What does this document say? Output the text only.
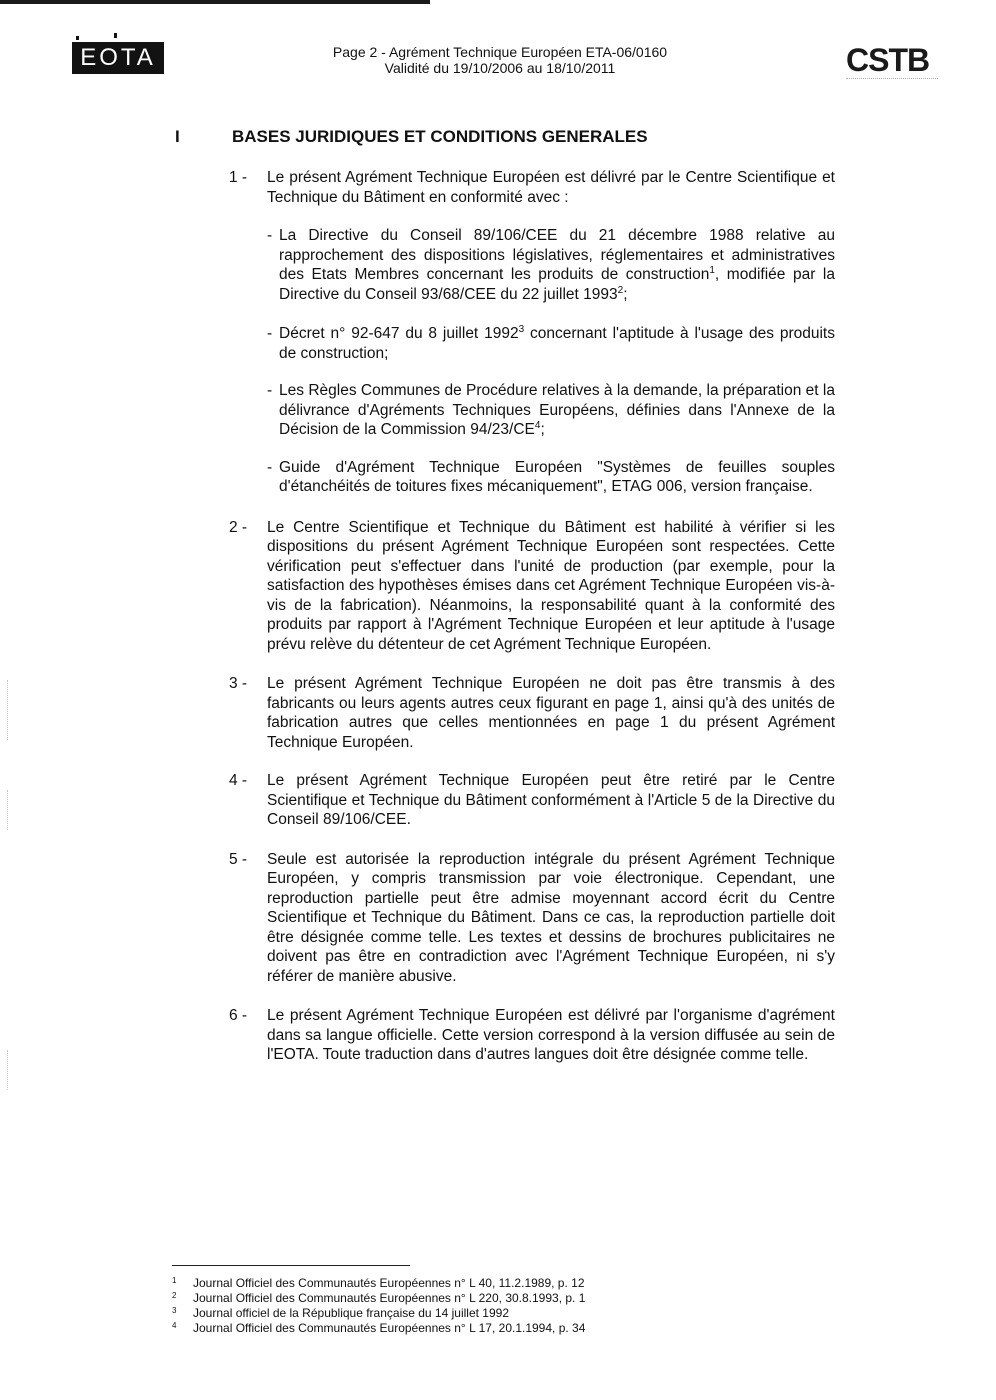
EOTA	Page 2 - Agrément Technique Européen ETA-06/0160
Validité du 19/10/2006 au 18/10/2011	CSTB
I	BASES JURIDIQUES ET CONDITIONS GENERALES
1 - Le présent Agrément Technique Européen est délivré par le Centre Scientifique et Technique du Bâtiment en conformité avec :

- La Directive du Conseil 89/106/CEE du 21 décembre 1988 relative au rapprochement des dispositions législatives, réglementaires et administratives des Etats Membres concernant les produits de construction$^1$, modifiée par la Directive du Conseil 93/68/CEE du 22 juillet 1993$^2$;

- Décret n° 92-647 du 8 juillet 1992$^3$ concernant l'aptitude à l'usage des produits de construction;

- Les Règles Communes de Procédure relatives à la demande, la préparation et la délivrance d'Agréments Techniques Européens, définies dans l'Annexe de la Décision de la Commission $94/23/CE^4$;

- Guide d'Agrément Technique Européen "Systèmes de feuilles souples d'étanchéités de toitures fixes mécaniquement", ETAG 006, version française.

2 - Le Centre Scientifique et Technique du Bâtiment est habilité à vérifier si les dispositions du présent Agrément Technique Européen sont respectées. Cette vérification peut s'effectuer dans l'unité de production (par exemple, pour la satisfaction des hypothèses émises dans cet Agrément Technique Européen vis-à-vis de la fabrication). Néanmoins, la responsabilité quant à la conformité des produits par rapport à l'Agrément Technique Européen et leur aptitude à l'usage prévu relève du détenteur de cet Agrément Technique Européen.

3 - Le présent Agrément Technique Européen ne doit pas être transmis à des fabricants ou leurs agents autres ceux figurant en page 1, ainsi qu'à des unités de fabrication autres que celles mentionnées en page 1 du présent Agrément Technique Européen.

4 - Le présent Agrément Technique Européen peut être retiré par le Centre Scientifique et Technique du Bâtiment conformément à l'Article 5 de la Directive du Conseil 89/106/CEE.

5 - Seule est autorisée la reproduction intégrale du présent Agrément Technique Européen, y compris transmission par voie électronique. Cependant, une reproduction partielle peut être admise moyennant accord écrit du Centre Scientifique et Technique du Bâtiment. Dans ce cas, la reproduction partielle doit être désignée comme telle. Les textes et dessins de brochures publicitaires ne doivent pas être en contradiction avec l'Agrément Technique Européen, ni s'y référer de manière abusive.

6 - Le présent Agrément Technique Européen est délivré par l'organisme d'agrément dans sa langue officielle. Cette version correspond à la version diffusée au sein de l'EOTA. Toute traduction dans d'autres langues doit être désignée comme telle.

1 Journal Officiel des Communautés Européennes n° L 40, 11.2.1989, p. 12
2 Journal Officiel des Communautés Européennes n° L 220, 30.8.1993, p. 1
3 Journal officiel de la République française du 14 juillet 1992
4 Journal Officiel des Communautés Européennes n° L 17, 20.1.1994, p. 34
